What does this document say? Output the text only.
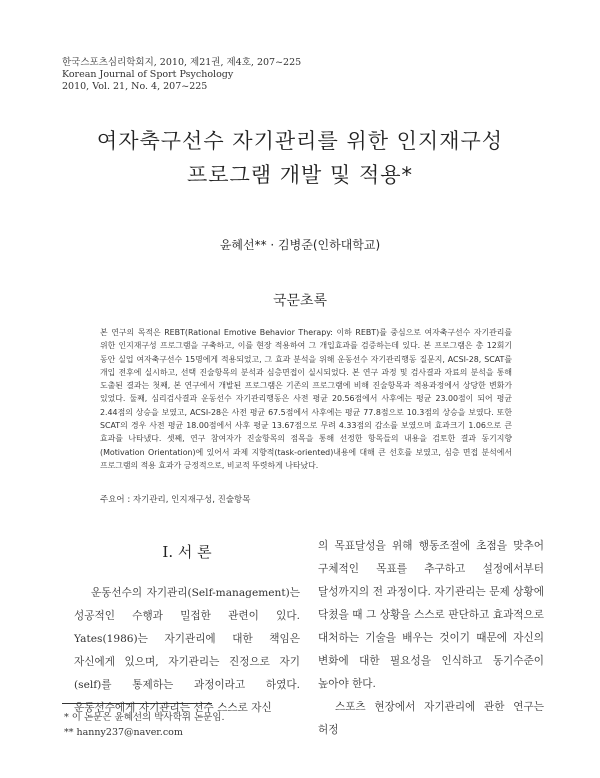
한국스포츠심리학회지, 2010, 제21권, 제4호, 207~225
Korean Journal of Sport Psychology
2010, Vol. 21, No. 4, 207~225
여자축구선수 자기관리를 위한 인지재구성
프로그램 개발 및 적용*
윤혜선** · 김병준(인하대학교)
국문초록
본 연구의 목적은 REBT(Rational Emotive Behavior Therapy: 이하 REBT)를 중심으로 여자축구선수 자기관리를 위한 인지재구성 프로그램을 구축하고, 이를 현장 적용하여 그 개입효과를 검증하는데 있다. 본 프로그램은 총 12회기 동안 실업 여자축구선수 15명에게 적용되었고, 그 효과 분석을 위해 운동선수 자기관리행동 질문지, ACSI-28, SCAT를 개입 전후에 실시하고, 선택 진술항목의 분석과 심층면접이 실시되었다. 본 연구 과정 및 검사결과 자료의 분석을 통해 도출된 결과는 첫째, 본 연구에서 개발된 프로그램은 기존의 프로그램에 비해 진술항목과 적용과정에서 상당한 변화가 있었다. 둘째, 심리검사결과 운동선수 자기관리행동은 사전 평균 20.56점에서 사후에는 평균 23.00점이 되어 평균 2.44점의 상승을 보였고, ACSI-28은 사전 평균 67.5점에서 사후에는 평균 77.8점으로 10.3점의 상승을 보였다. 또한 SCAT의 경우 사전 평균 18.00점에서 사후 평균 13.67점으로 무려 4.33점의 감소를 보였으며 효과크기 1.06으로 큰 효과를 나타냈다. 셋째, 연구 참여자가 진술항목의 점목을 통해 선정한 항목들의 내용을 검토한 결과 동기지향(Motivation Orientation)에 있어서 과제 지향적(task-oriented)내용에 대해 큰 선호를 보였고, 심층 면접 분석에서 프로그램의 적용 효과가 긍정적으로, 비교적 뚜렷하게 나타났다.
주요어 : 자기관리, 인지재구성, 진술항목
I. 서 론

운동선수의 자기관리(Self-management)는 성공적인 수행과 밀접한 관련이 있다. Yates(1986)는 자기관리에 대한 책임은 자신에게 있으며, 자기관리는 진정으로 자기(self)를 통제하는 과정이라고 하였다. 운동선수에게 자기관리는 선수 스스로 자신

의 목표달성을 위해 행동조절에 초점을 맞추어 구체적인 목표를 추구하고 설정에서부터 달성까지의 전 과정이다. 자기관리는 문제 상황에 닥쳤을 때 그 상황을 스스로 판단하고 효과적으로 대처하는 기술을 배우는 것이기 때문에 자신의 변화에 대한 필요성을 인식하고 동기수준이 높아야 한다.

스포츠 현장에서 자기관리에 관한 연구는 허정

* 이 논문은 윤혜선의 박사학위 논문임.
** hanny237@naver.com
